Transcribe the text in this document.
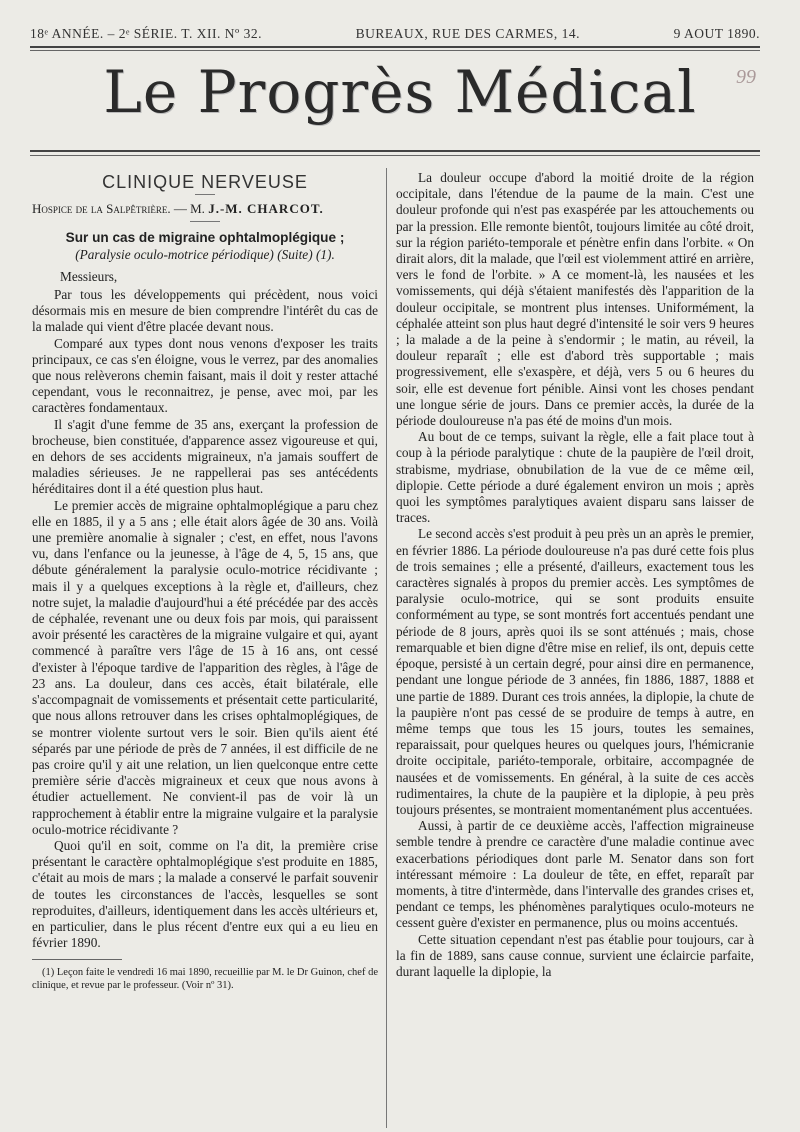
18ᵉ ANNÉE. – 2ᵉ SÉRIE. T. XII. Nº 32.	BUREAUX, RUE DES CARMES, 14.	9 AOUT 1890.
Le Progrès Médical	99
CLINIQUE NERVEUSE
Hospice de la Salpêtrière. — M. J.-M. CHARCOT.

Sur un cas de migraine ophtalmoplégique ;

(Paralysie oculo-motrice périodique) (Suite) (1).

Messieurs,

Par tous les développements qui précèdent, nous voici désormais mis en mesure de bien comprendre l'intérêt du cas de la malade qui vient d'être placée devant nous.

Comparé aux types dont nous venons d'exposer les traits principaux, ce cas s'en éloigne, vous le verrez, par des anomalies que nous relèverons chemin faisant, mais il doit y rester attaché cependant, vous le reconnaitrez, je pense, avec moi, par les caractères fondamentaux.

Il s'agit d'une femme de 35 ans, exerçant la profession de brocheuse, bien constituée, d'apparence assez vigoureuse et qui, en dehors de ses accidents migraineux, n'a jamais souffert de maladies sérieuses. Je ne rappellerai pas ses antécédents héréditaires dont il a été question plus haut.

Le premier accès de migraine ophtalmoplégique a paru chez elle en 1885, il y a 5 ans ; elle était alors âgée de 30 ans. Voilà une première anomalie à signaler ; c'est, en effet, nous l'avons vu, dans l'enfance ou la jeunesse, à l'âge de 4, 5, 15 ans, que débute généralement la paralysie oculo-motrice récidivante ; mais il y a quelques exceptions à la règle et, d'ailleurs, chez notre sujet, la maladie d'aujourd'hui a été précédée par des accès de céphalée, revenant une ou deux fois par mois, qui paraissent avoir présenté les caractères de la migraine vulgaire et qui, ayant commencé à paraître vers l'âge de 15 à 16 ans, ont cessé d'exister à l'époque tardive de l'apparition des règles, à l'âge de 23 ans. La douleur, dans ces accès, était bilatérale, elle s'accompagnait de vomissements et présentait cette particularité, que nous allons retrouver dans les crises ophtalmoplégiques, de se montrer violente surtout vers le soir. Bien qu'ils aient été séparés par une période de près de 7 années, il est difficile de ne pas croire qu'il y ait une relation, un lien quelconque entre cette première série d'accès migraineux et ceux que nous avons à étudier actuellement. Ne convient-il pas de voir là un rapprochement à établir entre la migraine vulgaire et la paralysie oculo-motrice récidivante ?

Quoi qu'il en soit, comme on l'a dit, la première crise présentant le caractère ophtalmoplégique s'est produite en 1885, c'était au mois de mars ; la malade a conservé le parfait souvenir de toutes les circonstances de l'accès, lesquelles se sont reproduites, d'ailleurs, identiquement dans les accès ultérieurs et, en particulier, dans le plus récent d'entre eux qui a eu lieu en février 1890.

(1) Leçon faite le vendredi 16 mai 1890, recueillie par M. le Dr Guinon, chef de clinique, et revue par le professeur. (Voir nº 31).

La douleur occupe d'abord la moitié droite de la région occipitale, dans l'étendue de la paume de la main. C'est une douleur profonde qui n'est pas exaspérée par les attouchements ou par la pression. Elle remonte bientôt, toujours limitée au côté droit, sur la région pariéto-temporale et pénètre enfin dans l'orbite. « On dirait alors, dit la malade, que l'œil est violemment attiré en arrière, vers le fond de l'orbite. » A ce moment-là, les nausées et les vomissements, qui déjà s'étaient manifestés dès l'apparition de la douleur occipitale, se montrent plus intenses. Uniformément, la céphalée atteint son plus haut degré d'intensité le soir vers 9 heures ; la malade a de la peine à s'endormir ; le matin, au réveil, la douleur reparaît ; elle est d'abord très supportable ; mais progressivement, elle s'exaspère, et déjà, vers 5 ou 6 heures du soir, elle est devenue fort pénible. Ainsi vont les choses pendant une longue série de jours. Dans ce premier accès, la durée de la période douloureuse n'a pas été de moins d'un mois.

Au bout de ce temps, suivant la règle, elle a fait place tout à coup à la période paralytique : chute de la paupière de l'œil droit, strabisme, mydriase, obnubilation de la vue de ce même œil, diplopie. Cette période a duré également environ un mois ; après quoi les symptômes paralytiques avaient disparu sans laisser de traces.

Le second accès s'est produit à peu près un an après le premier, en février 1886. La période douloureuse n'a pas duré cette fois plus de trois semaines ; elle a présenté, d'ailleurs, exactement tous les caractères signalés à propos du premier accès. Les symptômes de paralysie oculo-motrice, qui se sont produits ensuite conformément au type, se sont montrés fort accentués pendant une période de 8 jours, après quoi ils se sont atténués ; mais, chose remarquable et bien digne d'être mise en relief, ils ont, depuis cette époque, persisté à un certain degré, pour ainsi dire en permanence, pendant une longue période de 3 années, fin 1886, 1887, 1888 et une partie de 1889. Durant ces trois années, la diplopie, la chute de la paupière n'ont pas cessé de se produire de temps à autre, en même temps que tous les 15 jours, toutes les semaines, reparaissait, pour quelques heures ou quelques jours, l'hémicranie droite occipitale, pariéto-temporale, orbitaire, accompagnée de nausées et de vomissements. En général, à la suite de ces accès rudimentaires, la chute de la paupière et la diplopie, à peu près toujours présentes, se montraient momentanément plus accentuées.

Aussi, à partir de ce deuxième accès, l'affection migraineuse semble tendre à prendre ce caractère d'une maladie continue avec exacerbations périodiques dont parle M. Senator dans son fort intéressant mémoire : La douleur de tête, en effet, reparaît par moments, à titre d'intermède, dans l'intervalle des grandes crises et, pendant ce temps, les phénomènes paralytiques oculo-moteurs ne cessent guère d'exister en permanence, plus ou moins accentués.

Cette situation cependant n'est pas établie pour toujours, car à la fin de 1889, sans cause connue, survient une éclaircie parfaite, durant laquelle la diplopie, la
